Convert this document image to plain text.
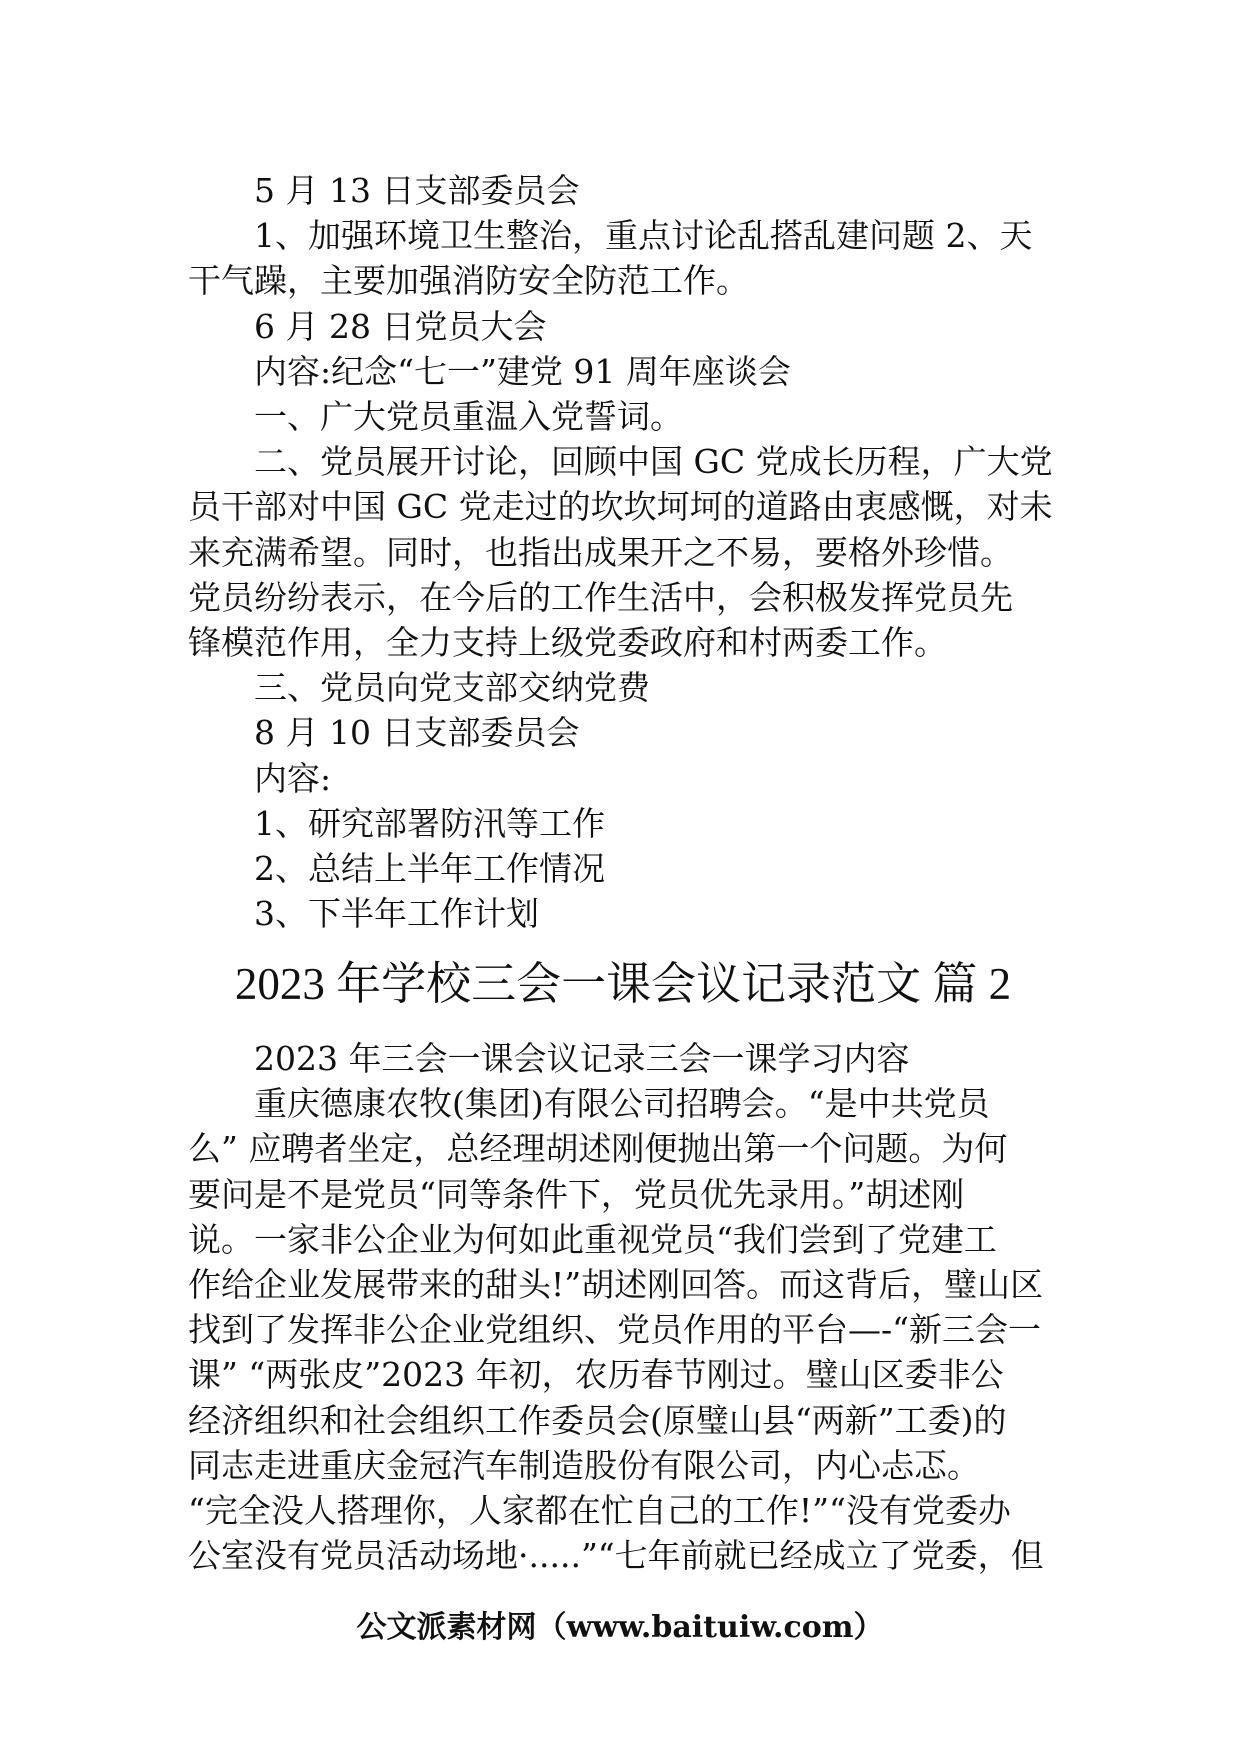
5 月 13 日支部委员会
1、加强环境卫生整治，重点讨论乱搭乱建问题 2、天
干气躁，主要加强消防安全防范工作。
6 月 28 日党员大会
内容:纪念“七一”建党 91 周年座谈会
一、广大党员重温入党誓词。
二、党员展开讨论，回顾中国 GC 党成长历程，广大党
员干部对中国 GC 党走过的坎坎坷坷的道路由衷感慨，对未
来充满希望。同时，也指出成果开之不易，要格外珍惜。
党员纷纷表示，在今后的工作生活中，会积极发挥党员先
锋模范作用，全力支持上级党委政府和村两委工作。
三、党员向党支部交纳党费
8 月 10 日支部委员会
内容:
1、研究部署防汛等工作
2、总结上半年工作情况
3、下半年工作计划
2023 年学校三会一课会议记录范文 篇 2
2023 年三会一课会议记录三会一课学习内容
重庆德康农牧(集团)有限公司招聘会。“是中共党员
么” 应聘者坐定，总经理胡述刚便抛出第一个问题。为何
要问是不是党员“同等条件下，党员优先录用。”胡述刚
说。一家非公企业为何如此重视党员“我们尝到了党建工
作给企业发展带来的甜头!”胡述刚回答。而这背后，璧山区
找到了发挥非公企业党组织、党员作用的平台—-“新三会一
课” “两张皮”2023 年初，农历春节刚过。璧山区委非公
经济组织和社会组织工作委员会(原璧山县“两新”工委)的
同志走进重庆金冠汽车制造股份有限公司，内心忐忑。
“完全没人搭理你，人家都在忙自己的工作!”“没有党委办
公室没有党员活动场地·.....”“七年前就已经成立了党委，但
公文派素材网（www.baituiw.com）
